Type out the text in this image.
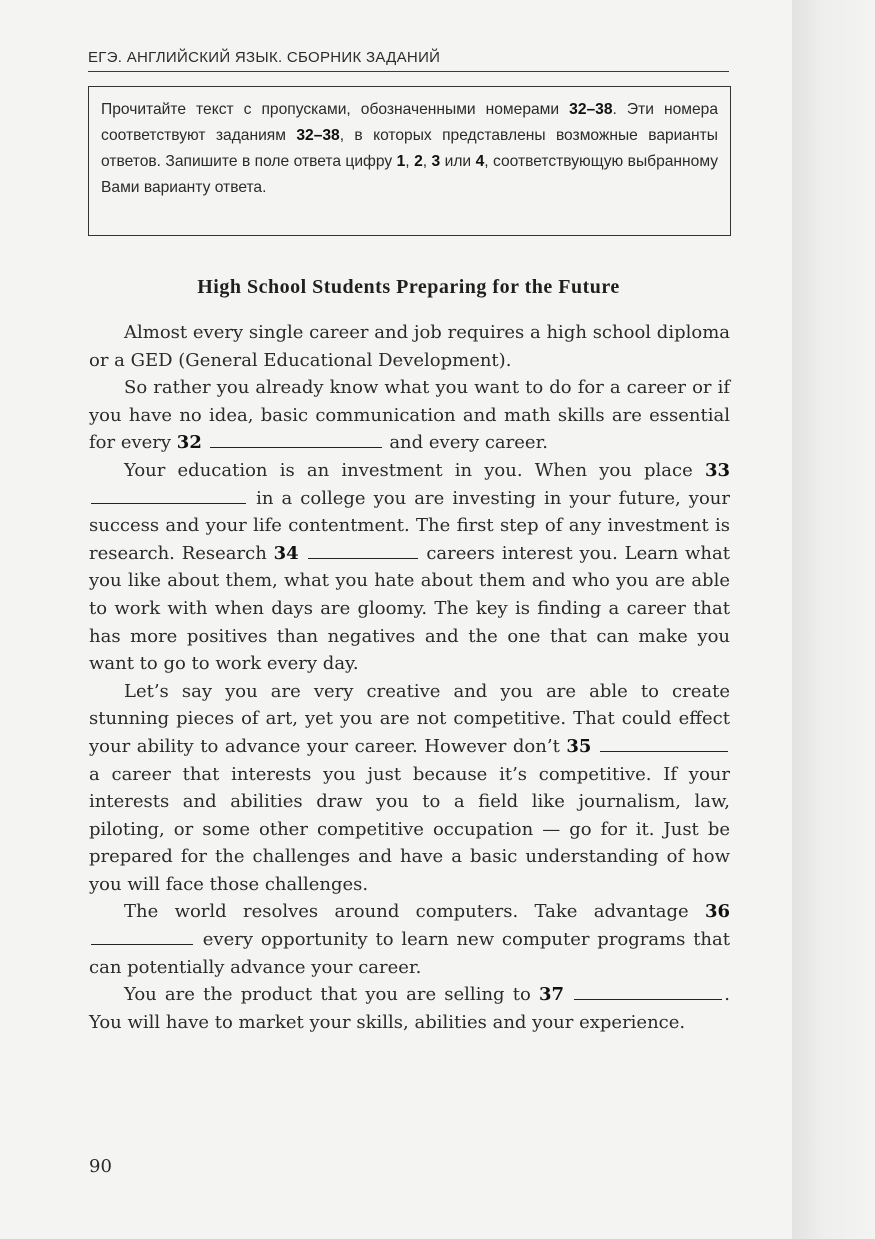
ЕГЭ. АНГЛИЙСКИЙ ЯЗЫК. СБОРНИК ЗАДАНИЙ
Прочитайте текст с пропусками, обозначенными номерами 32–38. Эти номера соответствуют заданиям 32–38, в которых представлены возможные варианты ответов. Запишите в поле ответа цифру 1, 2, 3 или 4, соответствующую выбранному Вами варианту ответа.
High School Students Preparing for the Future

Almost every single career and job requires a high school diploma or a GED (General Educational Development).

So rather you already know what you want to do for a career or if you have no idea, basic communication and math skills are essential for every 32	and every career.

Your education is an investment in you. When you place 33  in a college you are investing in your future, your success and your life contentment. The first step of any investment is research. Research 34	careers interest you. Learn what you like about them, what you hate about them and who you are able to work with when days are gloomy. The key is finding a career that has more positives than negatives and the one that can make you want to go to work every day.

Let’s say you are very creative and you are able to create stunning pieces of art, yet you are not competitive. That could effect your ability to advance your career. However don’t 35  a career that interests you just because it’s competitive. If your interests and abilities draw you to a field like journalism, law, piloting, or some other competitive occupation — go for it. Just be prepared for the challenges and have a basic understanding of how you will face those challenges.

The world resolves around computers. Take advantage 36  every opportunity to learn new computer programs that can potentially advance your career.

You are the product that you are selling to 37	. You will have to market your skills, abilities and your experience.

90
